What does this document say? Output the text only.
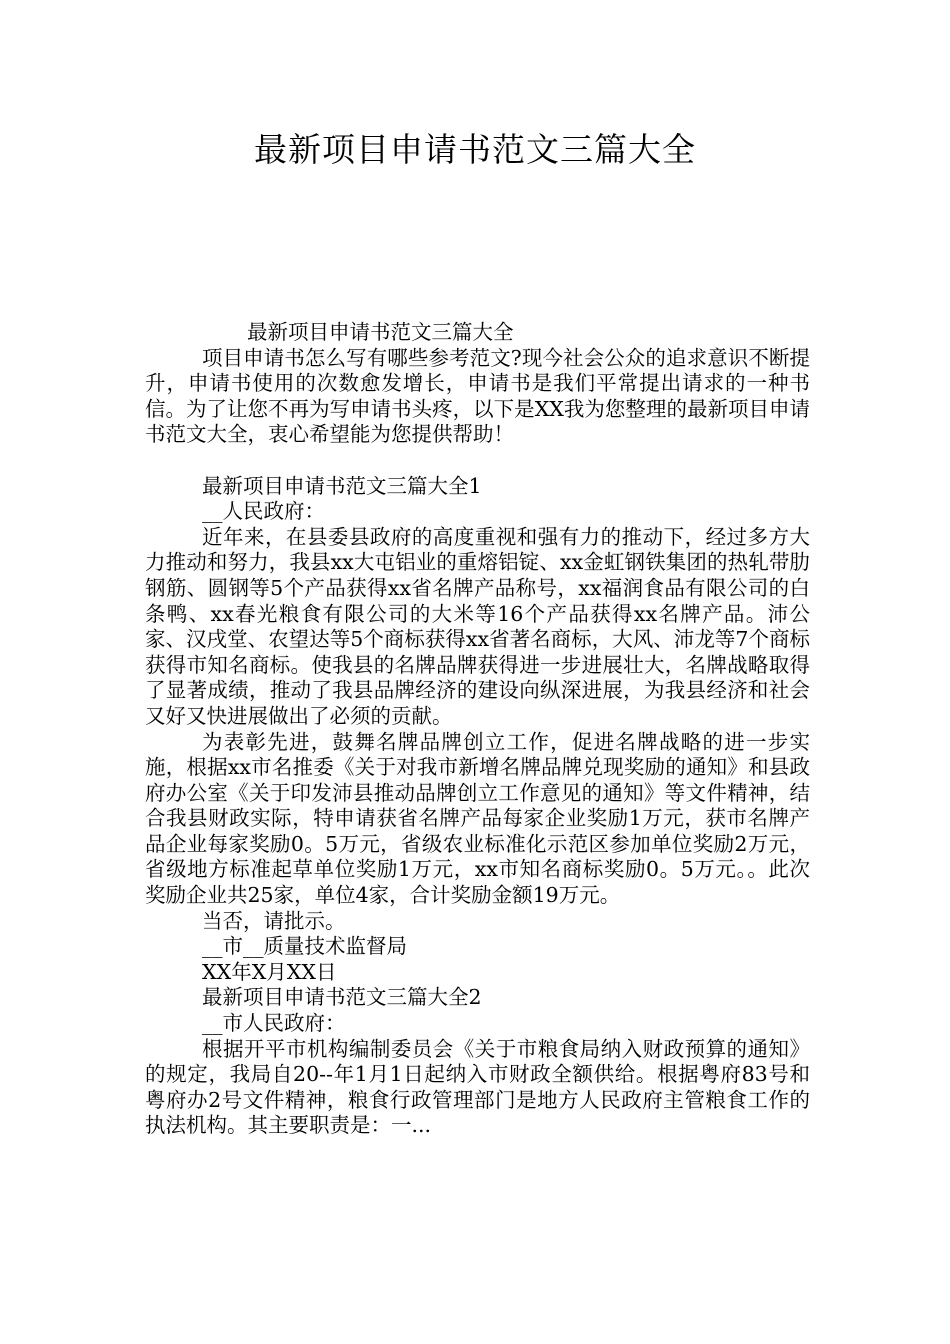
最新项目申请书范文三篇大全
最新项目申请书范文三篇大全

项目申请书怎么写有哪些参考范文?现今社会公众的追求意识不断提升，申请书使用的次数愈发增长，申请书是我们平常提出请求的一种书信。为了让您不再为写申请书头疼，以下是XX我为您整理的最新项目申请书范文大全，衷心希望能为您提供帮助！

最新项目申请书范文三篇大全1
__人民政府：

近年来，在县委县政府的高度重视和强有力的推动下，经过多方大力推动和努力，我县xx大屯铝业的重熔铝锭、xx金虹钢铁集团的热轧带肋钢筋、圆钢等5个产品获得xx省名牌产品称号，xx福润食品有限公司的白条鸭、xx春光粮食有限公司的大米等16个产品获得xx名牌产品。沛公家、汉戌堂、农望达等5个商标获得xx省著名商标，大风、沛龙等7个商标获得市知名商标。使我县的名牌品牌获得进一步进展壮大，名牌战略取得了显著成绩，推动了我县品牌经济的建设向纵深进展，为我县经济和社会又好又快进展做出了必须的贡献。

为表彰先进，鼓舞名牌品牌创立工作，促进名牌战略的进一步实施，根据xx市名推委《关于对我市新增名牌品牌兑现奖励的通知》和县政府办公室《关于印发沛县推动品牌创立工作意见的通知》等文件精神，结合我县财政实际，特申请获省名牌产品每家企业奖励1万元，获市名牌产品企业每家奖励0。5万元，省级农业标准化示范区参加单位奖励2万元，省级地方标准起草单位奖励1万元，xx市知名商标奖励0。5万元。。此次奖励企业共25家，单位4家，合计奖励金额19万元。

当否，请批示。
__市__质量技术监督局
XX年X月XX日
最新项目申请书范文三篇大全2
__市人民政府：

根据开平市机构编制委员会《关于市粮食局纳入财政预算的通知》的规定，我局自20--年1月1日起纳入市财政全额供给。根据粤府83号和粤府办2号文件精神，粮食行政管理部门是地方人民政府主管粮食工作的执法机构。其主要职责是：一...
